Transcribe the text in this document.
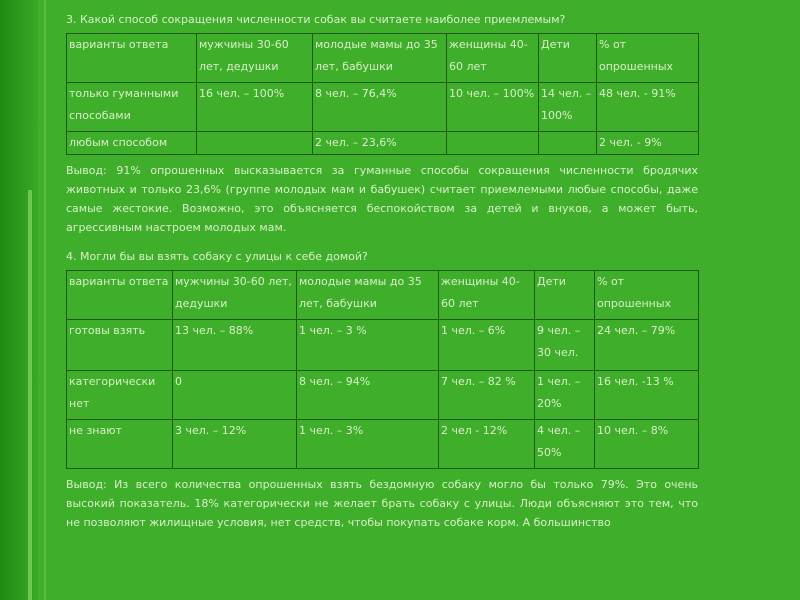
3. Какой способ сокращения численности собак вы считаете наиболее приемлемым?

варианты ответа	мужчины 30-60 лет, дедушки	молодые мамы до 35 лет, бабушки	женщины 40-60 лет	Дети	% от опрошенных
только гуманными способами	16 чел. – 100%	8 чел. – 76,4%	10 чел. – 100%	14 чел. – 100%	48 чел. - 91%
любым способом		2 чел. – 23,6%			2 чел. - 9%

Вывод: 91% опрошенных высказывается за гуманные способы сокращения численности бродячих животных и только 23,6% (группе молодых мам и бабушек) считает приемлемыми любые способы, даже самые жестокие. Возможно, это объясняется беспокойством за детей и внуков, а может быть, агрессивным настроем молодых мам.

4. Могли бы вы взять собаку с улицы к себе домой?

варианты ответа	мужчины 30-60 лет, дедушки	молодые мамы до 35 лет, бабушки	женщины 40-60 лет	Дети	% от опрошенных
готовы взять	13 чел. – 88%	1 чел. – 3 %	1 чел. – 6%	9 чел. – 30 чел.	24 чел. – 79%
категорически нет	0	8 чел. – 94%	7 чел. – 82 %	1 чел. – 20%	16 чел. -13 %
не знают	3 чел. – 12%	1 чел. – 3%	2 чел - 12%	4 чел. – 50%	10 чел. – 8%

Вывод: Из всего количества опрошенных взять бездомную собаку могло бы только 79%. Это очень высокий показатель. 18% категорически не желает брать собаку с улицы. Люди объясняют это тем, что не позволяют жилищные условия, нет средств, чтобы покупать собаке корм. А большинство
